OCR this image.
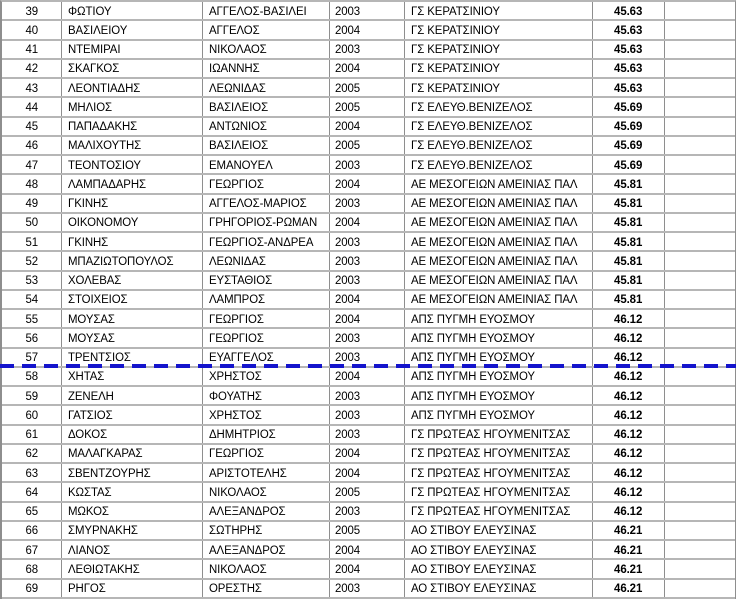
39 ΦΩΤΙΟΥ	ΑΓΓΕΛΟΣ-ΒΑΣΙΛΕΙ 2003	ΓΣ ΚΕΡΑΤΣΙΝΙΟΥ	45.63
40 ΒΑΣΙΛΕΙΟΥ	ΑΓΓΕΛΟΣ	2004	ΓΣ ΚΕΡΑΤΣΙΝΙΟΥ	45.63
41 ΝΤΕΜΙΡΑΙ	ΝΙΚΟΛΑΟΣ	2003	ΓΣ ΚΕΡΑΤΣΙΝΙΟΥ	45.63
42 ΣΚΑΓΚΟΣ	ΙΩΑΝΝΗΣ	2004	ΓΣ ΚΕΡΑΤΣΙΝΙΟΥ	45.63
43 ΛΕΟΝΤΙΑΔΗΣ	ΛΕΩΝΙΔΑΣ	2005	ΓΣ ΚΕΡΑΤΣΙΝΙΟΥ	45.63
44 ΜΗΛΙΟΣ	ΒΑΣΙΛΕΙΟΣ	2005	ΓΣ ΕΛΕΥΘ.ΒΕΝΙΖΕΛΟΣ	45.69
45 ΠΑΠΑΔΑΚΗΣ	ΑΝΤΩΝΙΟΣ	2004	ΓΣ ΕΛΕΥΘ.ΒΕΝΙΖΕΛΟΣ	45.69
46 ΜΑΛΙΧΟΥΤΗΣ	ΒΑΣΙΛΕΙΟΣ	2005	ΓΣ ΕΛΕΥΘ.ΒΕΝΙΖΕΛΟΣ	45.69
47 ΤΕΟΝΤΟΣΙΟΥ	ΕΜΑΝΟΥΕΛ	2003	ΓΣ ΕΛΕΥΘ.ΒΕΝΙΖΕΛΟΣ	45.69
48 ΛΑΜΠΑΔΑΡΗΣ	ΓΕΩΡΓΙΟΣ	2004	ΑΕ ΜΕΣΟΓΕΙΩΝ ΑΜΕΙΝΙΑΣ ΠΑΛ	45.81
49 ΓΚΙΝΗΣ	ΑΓΓΕΛΟΣ-ΜΑΡΙΟΣ 2003	ΑΕ ΜΕΣΟΓΕΙΩΝ ΑΜΕΙΝΙΑΣ ΠΑΛ	45.81
50 ΟΙΚΟΝΟΜΟΥ	ΓΡΗΓΟΡΙΟΣ-ΡΩΜΑΝ 2004	ΑΕ ΜΕΣΟΓΕΙΩΝ ΑΜΕΙΝΙΑΣ ΠΑΛ	45.81
51 ΓΚΙΝΗΣ	ΓΕΩΡΓΙΟΣ-ΑΝΔΡΕΑ 2003	ΑΕ ΜΕΣΟΓΕΙΩΝ ΑΜΕΙΝΙΑΣ ΠΑΛ	45.81
52 ΜΠΑΖΙΩΤΟΠΟΥΛΟΣ	ΛΕΩΝΙΔΑΣ	2003	ΑΕ ΜΕΣΟΓΕΙΩΝ ΑΜΕΙΝΙΑΣ ΠΑΛ	45.81
53 ΧΟΛΕΒΑΣ	ΕΥΣΤΑΘΙΟΣ	2003	ΑΕ ΜΕΣΟΓΕΙΩΝ ΑΜΕΙΝΙΑΣ ΠΑΛ	45.81
54 ΣΤΟΙΧΕΙΟΣ	ΛΑΜΠΡΟΣ	2004	ΑΕ ΜΕΣΟΓΕΙΩΝ ΑΜΕΙΝΙΑΣ ΠΑΛ	45.81
55 ΜΟΥΣΑΣ	ΓΕΩΡΓΙΟΣ	2004	ΑΠΣ ΠΥΓΜΗ ΕΥΟΣΜΟΥ	46.12
56 ΜΟΥΣΑΣ	ΓΕΩΡΓΙΟΣ	2003	ΑΠΣ ΠΥΓΜΗ ΕΥΟΣΜΟΥ	46.12
57 ΤΡΕΝΤΣΙΟΣ	ΕΥΑΓΓΕΛΟΣ	2003	ΑΠΣ ΠΥΓΜΗ ΕΥΟΣΜΟΥ	46.12
58 ΧΗΤΑΣ	ΧΡΗΣΤΟΣ	2004	ΑΠΣ ΠΥΓΜΗ ΕΥΟΣΜΟΥ	46.12
59 ΖΕΝΕΛΗ	ΦΟΥΑΤΗΣ	2003	ΑΠΣ ΠΥΓΜΗ ΕΥΟΣΜΟΥ	46.12
60 ΓΑΤΣΙΟΣ	ΧΡΗΣΤΟΣ	2003	ΑΠΣ ΠΥΓΜΗ ΕΥΟΣΜΟΥ	46.12
61 ΔΟΚΟΣ	ΔΗΜΗΤΡΙΟΣ	2003	ΓΣ ΠΡΩΤΕΑΣ ΗΓΟΥΜΕΝΙΤΣΑΣ	46.12
62 ΜΑΛΑΓΚΑΡΑΣ	ΓΕΩΡΓΙΟΣ	2004	ΓΣ ΠΡΩΤΕΑΣ ΗΓΟΥΜΕΝΙΤΣΑΣ	46.12
63 ΣΒΕΝΤΖΟΥΡΗΣ	ΑΡΙΣΤΟΤΕΛΗΣ	2004	ΓΣ ΠΡΩΤΕΑΣ ΗΓΟΥΜΕΝΙΤΣΑΣ	46.12
64 ΚΩΣΤΑΣ	ΝΙΚΟΛΑΟΣ	2005	ΓΣ ΠΡΩΤΕΑΣ ΗΓΟΥΜΕΝΙΤΣΑΣ	46.12
65 ΜΩΚΟΣ	ΑΛΕΞΑΝΔΡΟΣ	2003	ΓΣ ΠΡΩΤΕΑΣ ΗΓΟΥΜΕΝΙΤΣΑΣ	46.12
66 ΣΜΥΡΝΑΚΗΣ	ΣΩΤΗΡΗΣ	2005	ΑΟ ΣΤΙΒΟΥ ΕΛΕΥΣΙΝΑΣ	46.21
67 ΛΙΑΝΟΣ	ΑΛΕΞΑΝΔΡΟΣ	2004	ΑΟ ΣΤΙΒΟΥ ΕΛΕΥΣΙΝΑΣ	46.21
68 ΛΕΘΙΩΤΑΚΗΣ	ΝΙΚΟΛΑΟΣ	2004	ΑΟ ΣΤΙΒΟΥ ΕΛΕΥΣΙΝΑΣ	46.21
69 ΡΗΓΟΣ	ΟΡΕΣΤΗΣ	2003	ΑΟ ΣΤΙΒΟΥ ΕΛΕΥΣΙΝΑΣ	46.21
